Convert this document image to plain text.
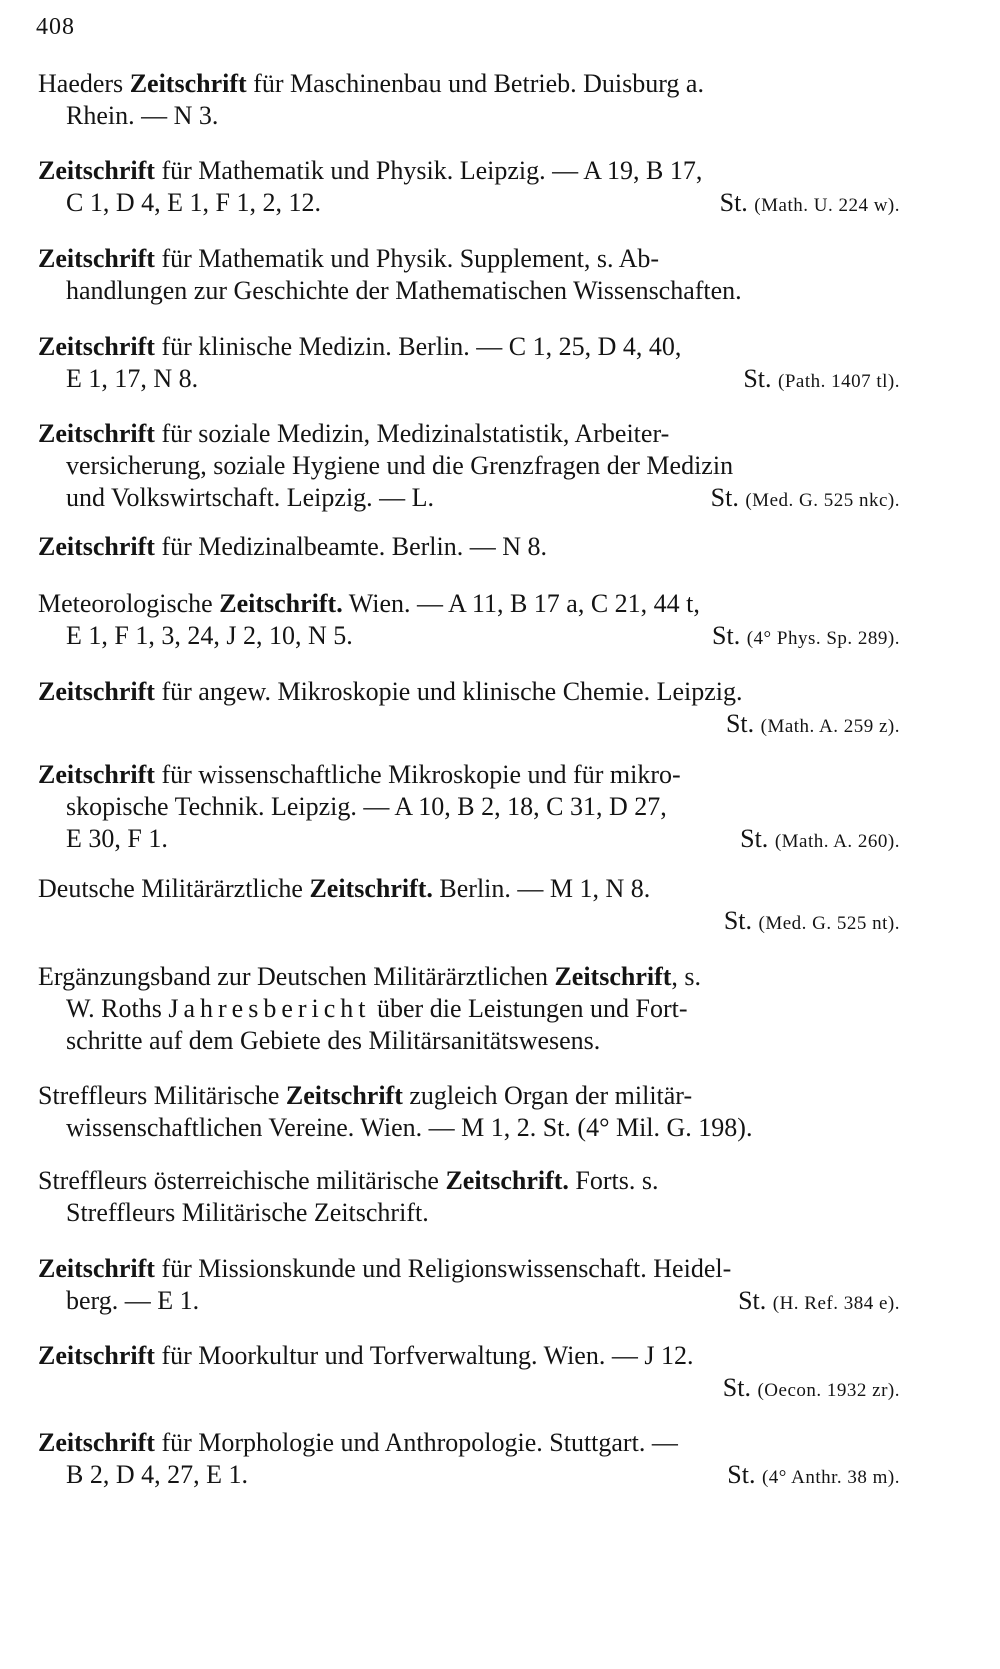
408
Haeders Zeitschrift für Maschinenbau und Betrieb. Duisburg a.
Rhein. — N 3.
Zeitschrift für Mathematik und Physik. Leipzig. — A 19, B 17,
St. (Math. U. 224 w).
C 1, D 4, E 1, F 1, 2, 12.
Zeitschrift für Mathematik und Physik. Supplement, s. Ab-
handlungen zur Geschichte der Mathematischen Wissenschaften.
Zeitschrift für klinische Medizin. Berlin. — C 1, 25, D 4, 40,
St. (Path. 1407 tl).
E 1, 17, N 8.
Zeitschrift für soziale Medizin, Medizinalstatistik, Arbeiter-
versicherung, soziale Hygiene und die Grenzfragen der Medizin
St. (Med. G. 525 nkc).
und Volkswirtschaft. Leipzig. — L.
Zeitschrift für Medizinalbeamte. Berlin. — N 8.
Meteorologische Zeitschrift. Wien. — A 11, B 17 a, C 21, 44 t,
St. (4° Phys. Sp. 289).
E 1, F 1, 3, 24, J 2, 10, N 5.
Zeitschrift für angew. Mikroskopie und klinische Chemie. Leipzig.
St. (Math. A. 259 z).
Zeitschrift für wissenschaftliche Mikroskopie und für mikro-
skopische Technik. Leipzig. — A 10, B 2, 18, C 31, D 27,
St. (Math. A. 260).
E 30, F 1.
Deutsche Militärärztliche Zeitschrift. Berlin. — M 1, N 8.
St. (Med. G. 525 nt).
Ergänzungsband zur Deutschen Militärärztlichen Zeitschrift, s.
W. Roths Jahresbericht über die Leistungen und Fort-
schritte auf dem Gebiete des Militärsanitätswesens.
Streffleurs Militärische Zeitschrift zugleich Organ der militär-
wissenschaftlichen Vereine. Wien. — M 1, 2. St. (4° Mil. G. 198).
Streffleurs österreichische militärische Zeitschrift. Forts. s.
Streffleurs Militärische Zeitschrift.
Zeitschrift für Missionskunde und Religionswissenschaft. Heidel-
St. (H. Ref. 384 e).
berg. — E 1.
Zeitschrift für Moorkultur und Torfverwaltung. Wien. — J 12.
St. (Oecon. 1932 zr).
Zeitschrift für Morphologie und Anthropologie. Stuttgart. —
St. (4° Anthr. 38 m).
B 2, D 4, 27, E 1.
